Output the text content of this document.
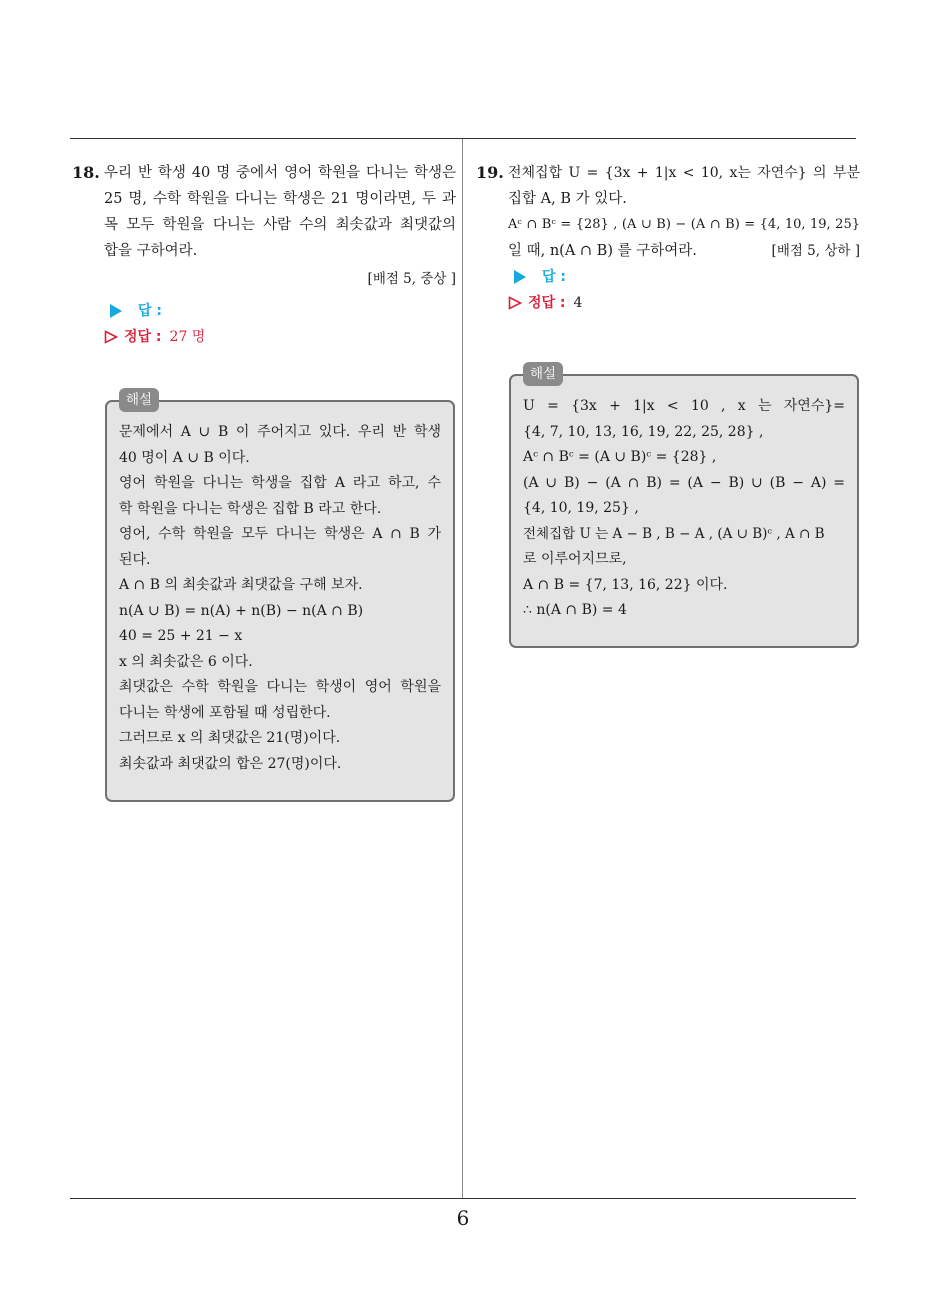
18. 우리 반 학생 40 명 중에서 영어 학원을 다니는 학생은
25 명, 수학 학원을 다니는 학생은 21 명이라면, 두 과
목 모두 학원을 다니는 사람 수의 최솟값과 최댓값의
합을 구하여라.
[배점 5, 중상 ]
답 :
정답 : 27 명
해설
문제에서 A ∪ B 이 주어지고 있다. 우리 반 학생
40 명이 A ∪ B 이다.
영어 학원을 다니는 학생을 집합 A 라고 하고, 수
학 학원을 다니는 학생은 집합 B 라고 한다.
영어, 수학 학원을 모두 다니는 학생은 A ∩ B 가
된다.
A ∩ B 의 최솟값과 최댓값을 구해 보자.
n(A ∪ B) = n(A) + n(B) − n(A ∩ B)
40 = 25 + 21 − x
x 의 최솟값은 6 이다.
최댓값은 수학 학원을 다니는 학생이 영어 학원을
다니는 학생에 포함될 때 성립한다.
그러므로 x 의 최댓값은 21(명)이다.
최솟값과 최댓값의 합은 27(명)이다.
19. 전체집합 U = {3x + 1|x < 10, x는 자연수} 의 부분
집합 A, B 가 있다.
Aᶜ ∩ Bᶜ = {28} , (A ∪ B) − (A ∩ B) = {4, 10, 19, 25}
일 때, n(A ∩ B) 를 구하여라.	[배점 5, 상하 ]
답 :
정답 : 4
해설
U = {3x + 1|x < 10 , x 는 자연수}=
{4, 7, 10, 13, 16, 19, 22, 25, 28} ,
Aᶜ ∩ Bᶜ = (A ∪ B)ᶜ = {28} ,
(A ∪ B) − (A ∩ B) = (A − B) ∪ (B − A) =
{4, 10, 19, 25} ,
전체집합 U 는 A − B , B − A , (A ∪ B)ᶜ , A ∩ B
로 이루어지므로,
A ∩ B = {7, 13, 16, 22} 이다.
∴ n(A ∩ B) = 4
6
